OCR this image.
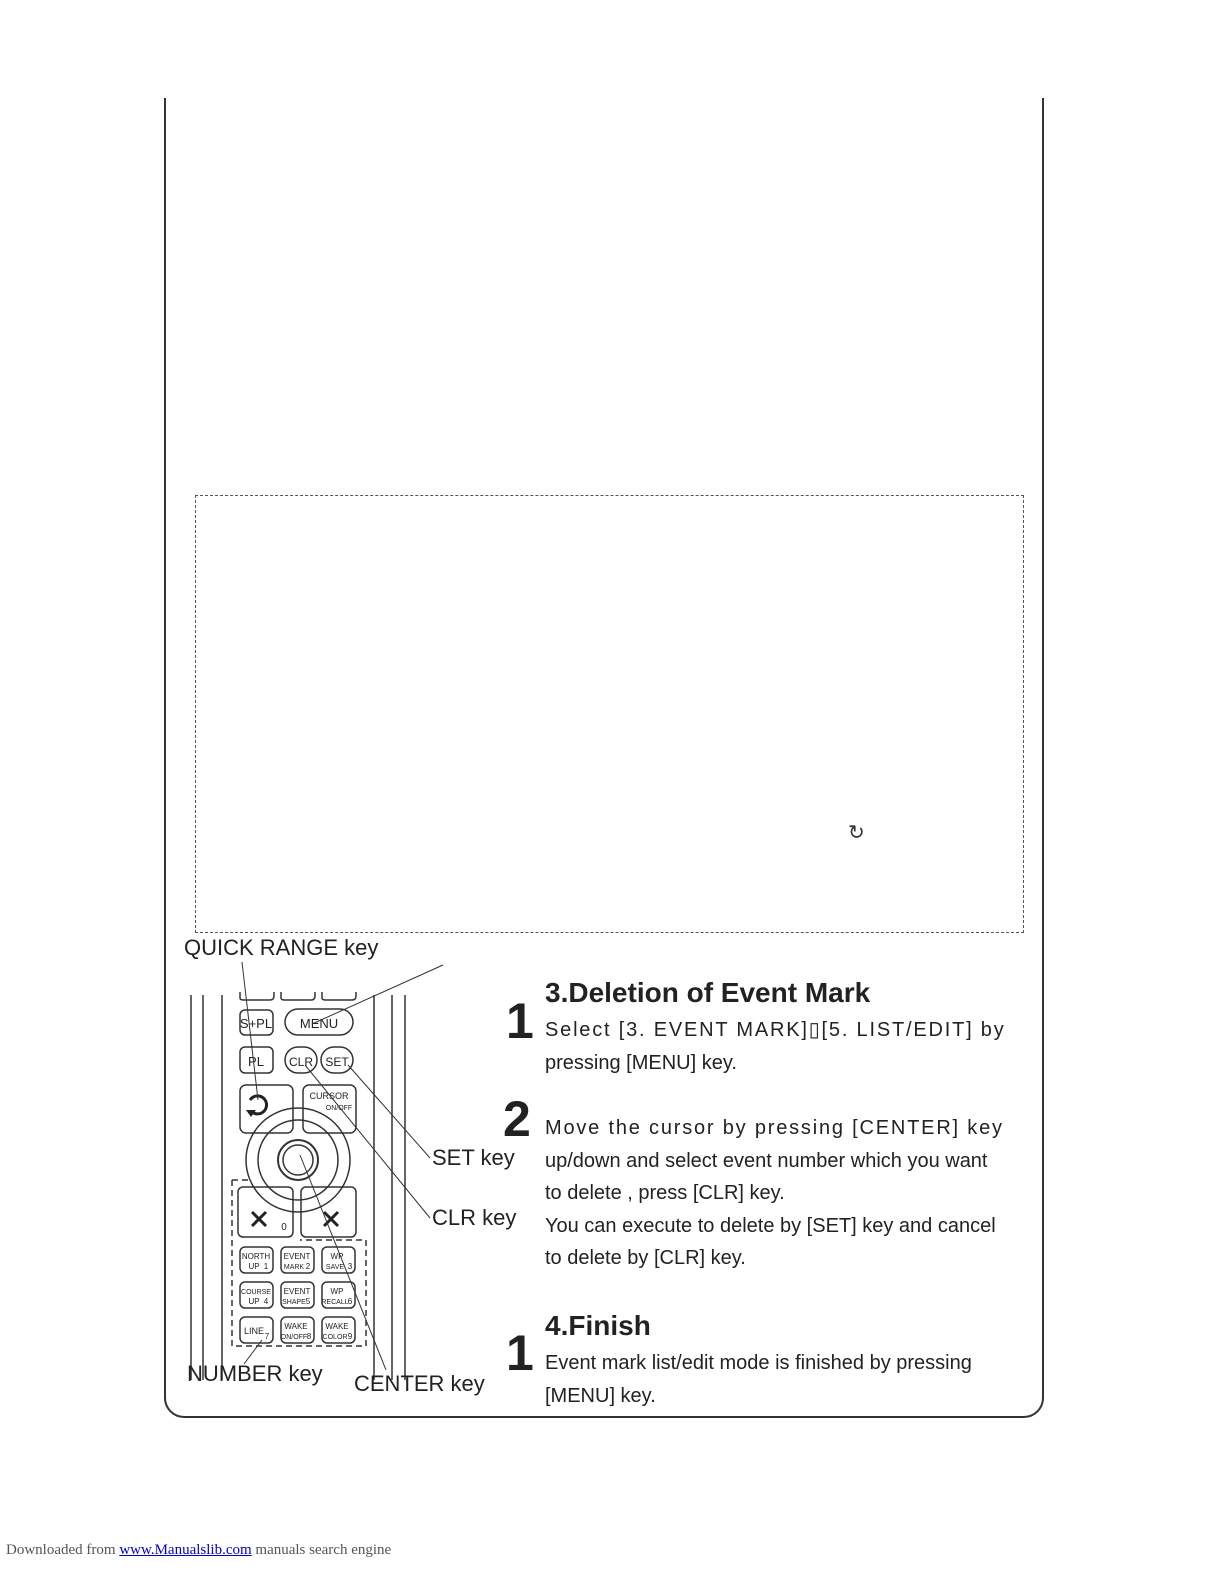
↻
S+PL MENU
PL CLR SET
CURSOR
ON/OFF
0
NORTH
UP 1
EVENT
MARK 2
WP
SAVE 3
COURSE
UP 4
EVENT
SHAPE 5
WP
RECALL 6
LINE
7
WAKE
ON/OFF 8
WAKE
COLOR 9
QUICK RANGE key
SET key
CLR key
NUMBER key CENTER key
3.Deletion of Event Mark
1 Select [3. EVENT MARK]▯[5. LIST/EDIT] by

pressing [MENU] key.

2 Move the cursor by pressing [CENTER] key

up/down and select event number which you want

to delete , press [CLR] key.

You can execute to delete by [SET] key and cancel

to delete by [CLR] key.

4.Finish
1 Event mark list/edit mode is finished by pressing

[MENU] key.

Downloaded from www.Manualslib.com manuals search engine
